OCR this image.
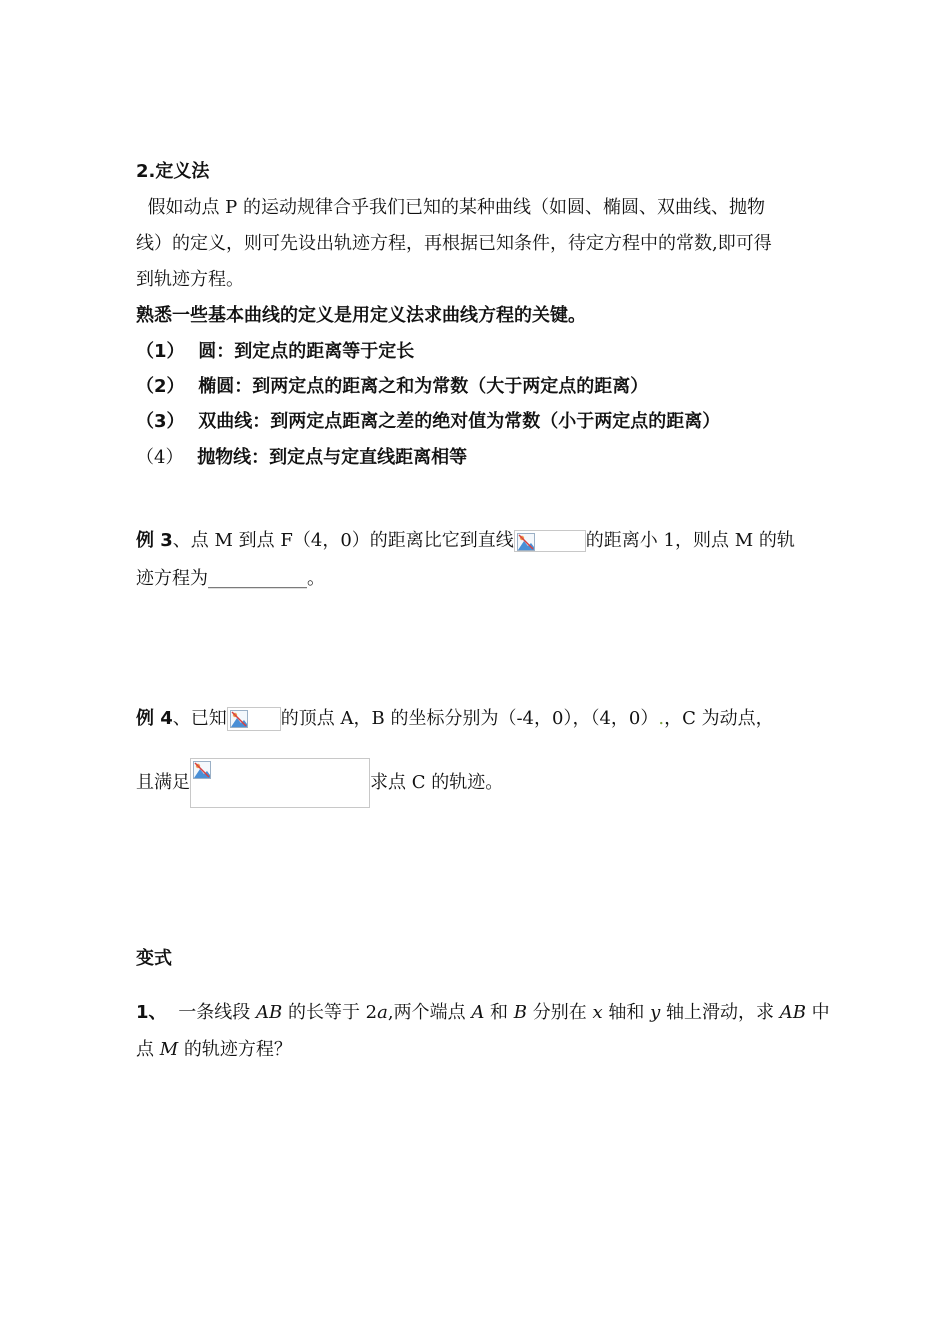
2.定义法
假如动点 P 的运动规律合乎我们已知的某种曲线（如圆、椭圆、双曲线、抛物
线）的定义，则可先设出轨迹方程，再根据已知条件，待定方程中的常数,即可得
到轨迹方程。
熟悉一些基本曲线的定义是用定义法求曲线方程的关键。
（1） 圆：到定点的距离等于定长
（2） 椭圆：到两定点的距离之和为常数（大于两定点的距离）
（3） 双曲线：到两定点距离之差的绝对值为常数（小于两定点的距离）
（4） 抛物线：到定点与定直线距离相等
例 3、点 M 到点 F（4，0）的距离比它到直线	的距离小 1，则点 M 的轨
迹方程为___________。
例 4、已知	的顶点 A，B 的坐标分别为（-4，0），（4，0）.，C 为动点，
且满足	求点 C 的轨迹。
变式
1、 一条线段 AB 的长等于 2a,两个端点 A 和 B 分别在 x 轴和 y 轴上滑动，求 AB 中
点 M 的轨迹方程？
